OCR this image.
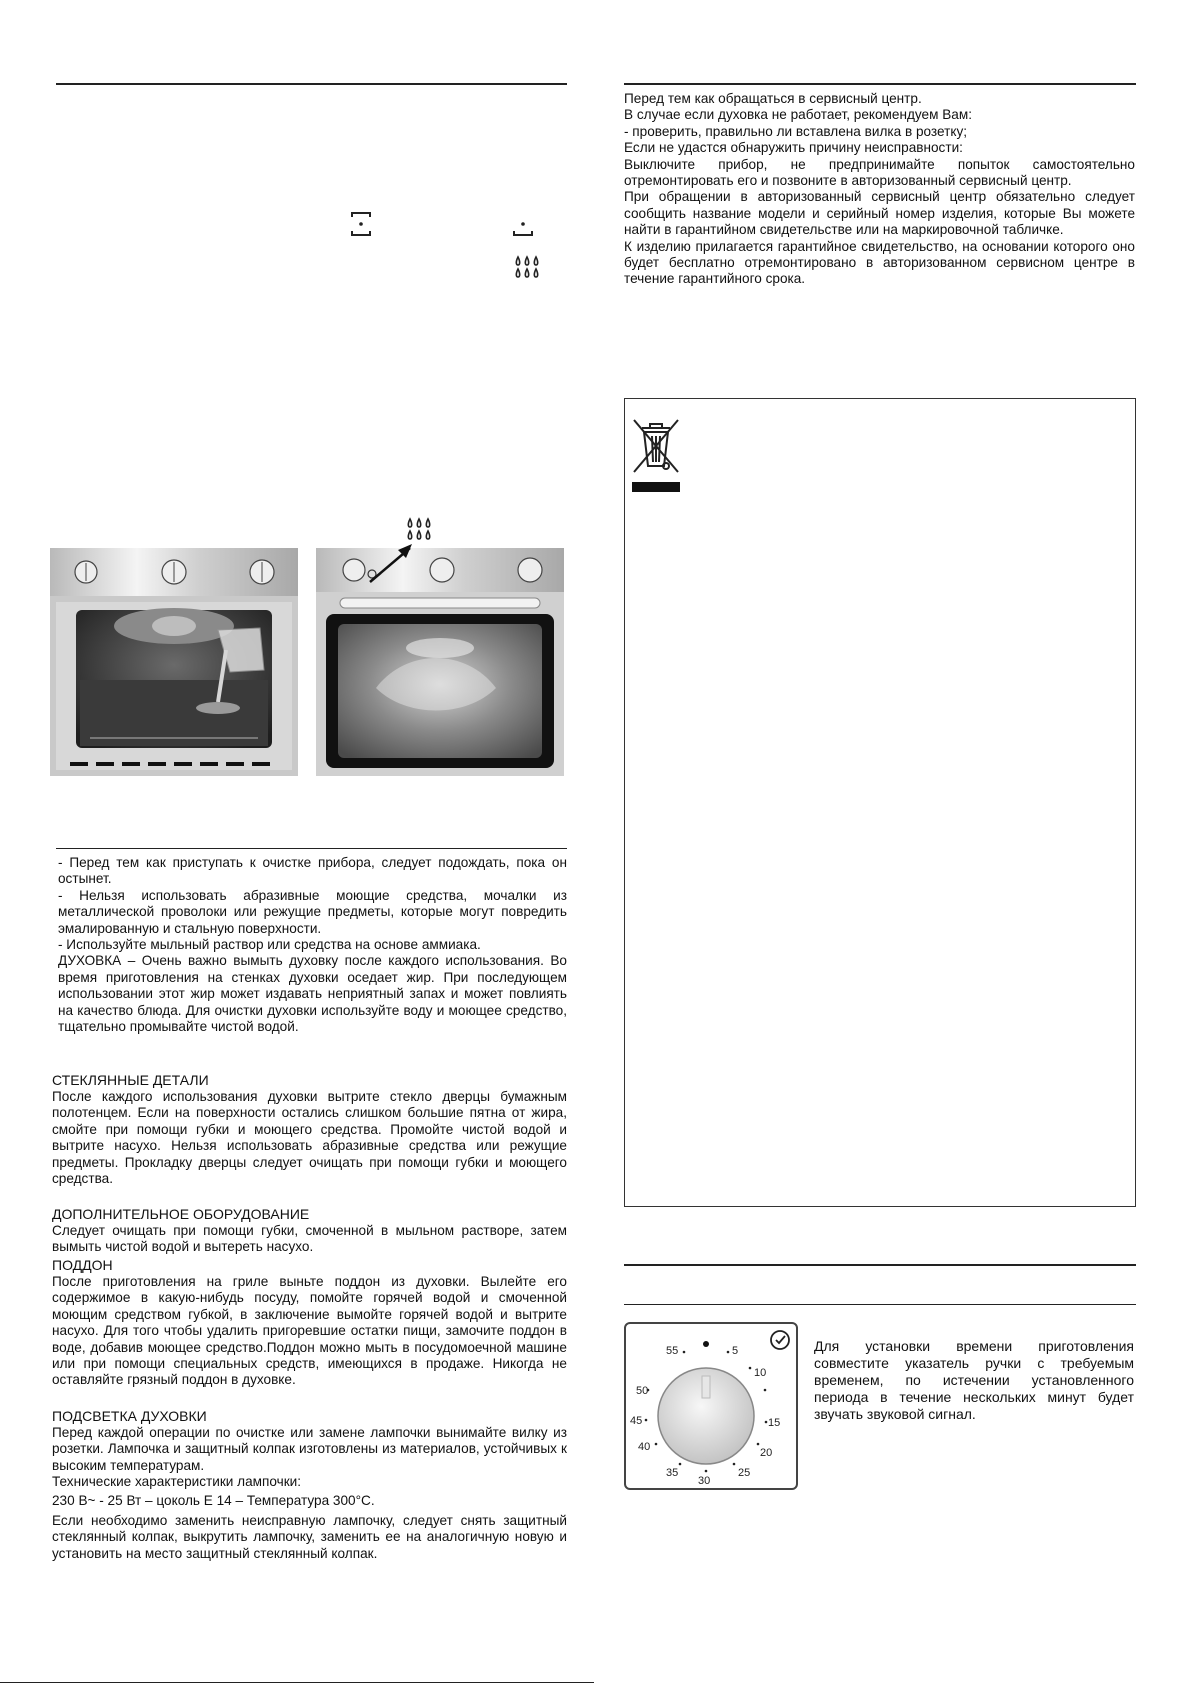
- Перед тем как приступать к очистке прибора, следует подождать, пока он остынет.
- Нельзя использовать абразивные моющие средства, мочалки из металлической проволоки или режущие предметы, которые могут повредить эмалированную и стальную поверхности.
- Используйте мыльный раствор или средства на основе аммиака.
ДУХОВКА – Очень важно вымыть духовку после каждого использования. Во время приготовления на стенках духовки оседает жир. При последующем использовании этот жир может издавать неприятный запах и может повлиять на качество блюда. Для очистки духовки используйте воду и моющее средство, тщательно промывайте чистой водой.
СТЕКЛЯННЫЕ ДЕТАЛИ
После каждого использования духовки вытрите стекло дверцы бумажным полотенцем. Если на поверхности остались слишком большие пятна от жира, смойте при помощи губки и моющего средства. Промойте чистой водой и вытрите насухо. Нельзя использовать абразивные средства или режущие предметы. Прокладку дверцы следует очищать при помощи губки и моющего средства.
ДОПОЛНИТЕЛЬНОЕ ОБОРУДОВАНИЕ
Следует очищать при помощи губки, смоченной в мыльном растворе, затем вымыть чистой водой и вытереть насухо.
ПОДДОН
После приготовления на гриле выньте поддон из духовки. Вылейте его содержимое в какую-нибудь посуду, помойте горячей водой и смоченной моющим средством губкой, в заключение вымойте горячей водой и вытрите насухо. Для того чтобы удалить пригоревшие остатки пищи, замочите поддон в воде, добавив моющее средство.Поддон можно мыть в посудомоечной машине или при помощи специальных средств, имеющихся в продаже. Никогда не оставляйте грязный поддон в духовке.
ПОДСВЕТКА ДУХОВКИ
Перед каждой операции по очистке или замене лампочки вынимайте вилку из розетки. Лампочка и защитный колпак изготовлены из материалов, устойчивых к высоким температурам.
Технические характеристики лампочки:
230 В~ - 25 Вт – цоколь Е 14 – Температура 300°C.
Если необходимо заменить неисправную лампочку, следует снять защитный стеклянный колпак, выкрутить лампочку, заменить ее на аналогичную новую и установить на место защитный стеклянный колпак.
Перед тем как обращаться в сервисный центр.
В случае если духовка не работает, рекомендуем Вам:
- проверить, правильно ли вставлена вилка в розетку;
Если не удастся обнаружить причину неисправности:
Выключите прибор, не предпринимайте попыток самостоятельно отремонтировать его и позвоните в авторизованный сервисный центр.
При обращении в авторизованный сервисный центр обязательно следует сообщить название модели и серийный номер изделия, которые Вы можете найти в гарантийном свидетельстве или на маркировочной табличке.
К изделию прилагается гарантийное свидетельство, на основании которого оно будет бесплатно отремонтировано в авторизованном сервисном центре в течение гарантийного срока.
55	5
10
15
20
25
30
35
40
45
50
Для установки времени приготовления совместите указатель ручки с требуемым временем, по истечении установленного периода в течение нескольких минут будет звучать звуковой сигнал.
